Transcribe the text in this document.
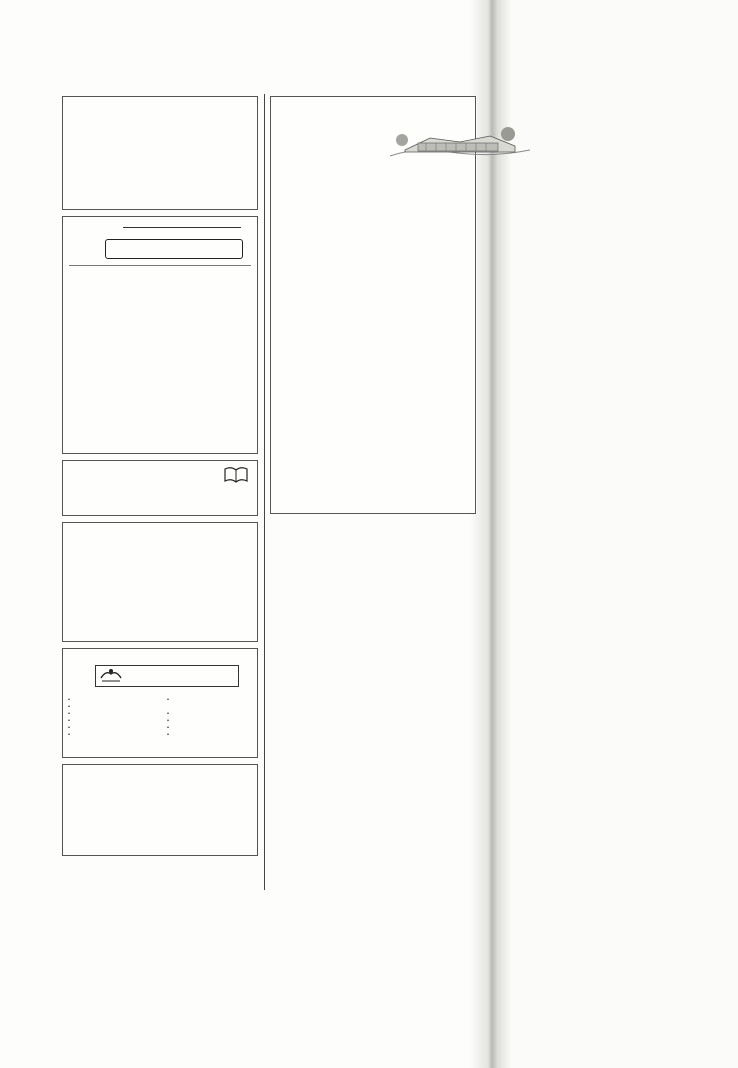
•
•
•
•
•
•
•

•
•
•
•
